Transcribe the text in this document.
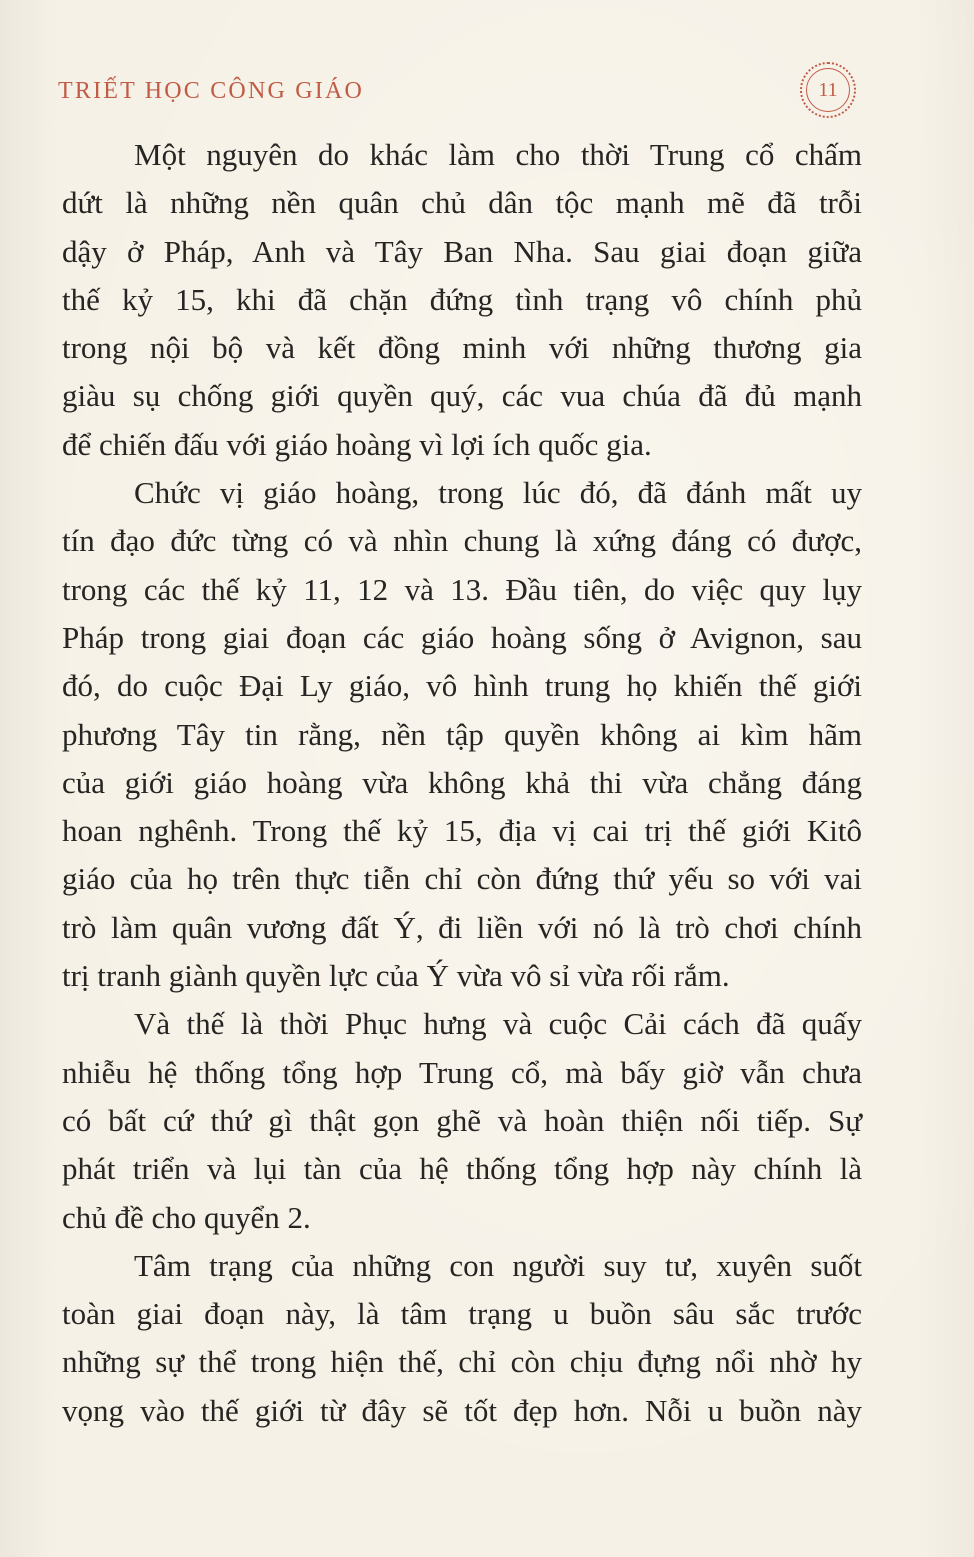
TRIẾT HỌC CÔNG GIÁO	11
Một nguyên do khác làm cho thời Trung cổ chấm
dứt là những nền quân chủ dân tộc mạnh mẽ đã trỗi
dậy ở Pháp, Anh và Tây Ban Nha. Sau giai đoạn giữa
thế kỷ 15, khi đã chặn đứng tình trạng vô chính phủ
trong nội bộ và kết đồng minh với những thương gia
giàu sụ chống giới quyền quý, các vua chúa đã đủ mạnh
để chiến đấu với giáo hoàng vì lợi ích quốc gia.
Chức vị giáo hoàng, trong lúc đó, đã đánh mất uy
tín đạo đức từng có và nhìn chung là xứng đáng có được,
trong các thế kỷ 11, 12 và 13. Đầu tiên, do việc quy lụy
Pháp trong giai đoạn các giáo hoàng sống ở Avignon, sau
đó, do cuộc Đại Ly giáo, vô hình trung họ khiến thế giới
phương Tây tin rằng, nền tập quyền không ai kìm hãm
của giới giáo hoàng vừa không khả thi vừa chẳng đáng
hoan nghênh. Trong thế kỷ 15, địa vị cai trị thế giới Kitô
giáo của họ trên thực tiễn chỉ còn đứng thứ yếu so với vai
trò làm quân vương đất Ý, đi liền với nó là trò chơi chính
trị tranh giành quyền lực của Ý vừa vô sỉ vừa rối rắm.
Và thế là thời Phục hưng và cuộc Cải cách đã quấy
nhiễu hệ thống tổng hợp Trung cổ, mà bấy giờ vẫn chưa
có bất cứ thứ gì thật gọn ghẽ và hoàn thiện nối tiếp. Sự
phát triển và lụi tàn của hệ thống tổng hợp này chính là
chủ đề cho quyển 2.
Tâm trạng của những con người suy tư, xuyên suốt
toàn giai đoạn này, là tâm trạng u buồn sâu sắc trước
những sự thể trong hiện thế, chỉ còn chịu đựng nổi nhờ hy
vọng vào thế giới từ đây sẽ tốt đẹp hơn. Nỗi u buồn này
